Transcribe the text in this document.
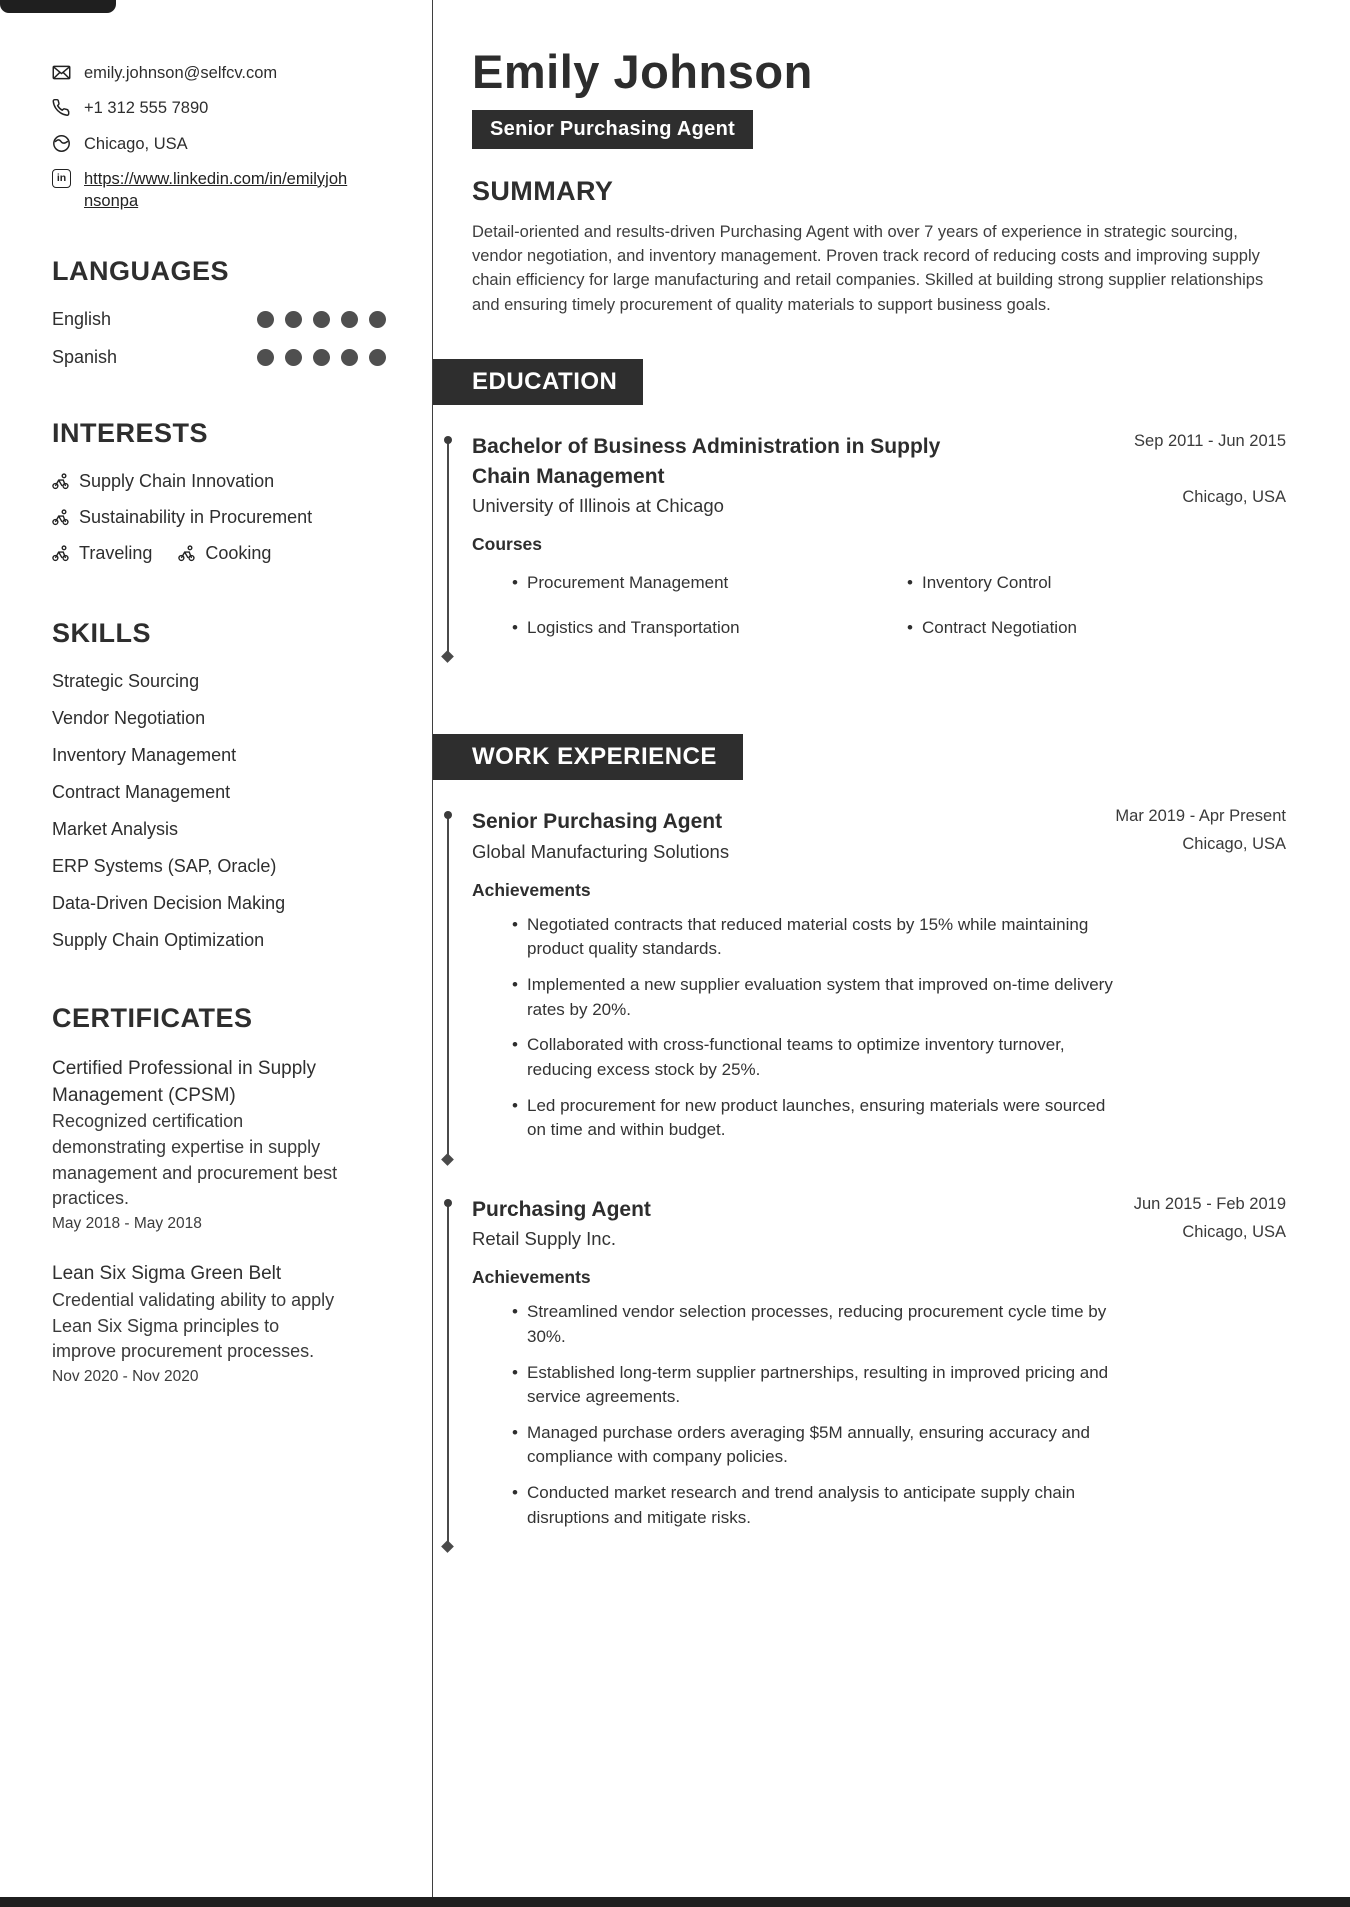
emily.johnson@selfcv.com
+1 312 555 7890
Chicago, USA
in
https://www.linkedin.com/in/emilyjohnsonpa
LANGUAGES
English
Spanish
INTERESTS
Supply Chain Innovation
Sustainability in Procurement
Traveling	Cooking
SKILLS
Strategic Sourcing
Vendor Negotiation
Inventory Management
Contract Management
Market Analysis
ERP Systems (SAP, Oracle)
Data-Driven Decision Making
Supply Chain Optimization
CERTIFICATES
Certified Professional in Supply Management (CPSM)
Recognized certification demonstrating expertise in supply management and procurement best practices.
May 2018 - May 2018
Lean Six Sigma Green Belt
Credential validating ability to apply Lean Six Sigma principles to improve procurement processes.
Nov 2020 - Nov 2020
Emily Johnson
Senior Purchasing Agent
SUMMARY

Detail-oriented and results-driven Purchasing Agent with over 7 years of experience in strategic sourcing, vendor negotiation, and inventory management. Proven track record of reducing costs and improving supply chain efficiency for large manufacturing and retail companies. Skilled at building strong supplier relationships and ensuring timely procurement of quality materials to support business goals.

EDUCATION
Bachelor of Business Administration in Supply Chain Management
University of Illinois at Chicago
Sep 2011 - Jun 2015
Chicago, USA
Courses
• Procurement Management	• Inventory Control
• Logistics and Transportation	• Contract Negotiation
WORK EXPERIENCE
Senior Purchasing Agent
Global Manufacturing Solutions
Mar 2019 - Apr Present
Chicago, USA
Achievements
• Negotiated contracts that reduced material costs by 15% while maintaining product quality standards.
• Implemented a new supplier evaluation system that improved on-time delivery rates by 20%.
• Collaborated with cross-functional teams to optimize inventory turnover, reducing excess stock by 25%.
• Led procurement for new product launches, ensuring materials were sourced on time and within budget.
Purchasing Agent
Retail Supply Inc.
Jun 2015 - Feb 2019
Chicago, USA
Achievements
• Streamlined vendor selection processes, reducing procurement cycle time by 30%.
• Established long-term supplier partnerships, resulting in improved pricing and service agreements.
• Managed purchase orders averaging $5M annually, ensuring accuracy and compliance with company policies.
• Conducted market research and trend analysis to anticipate supply chain disruptions and mitigate risks.
